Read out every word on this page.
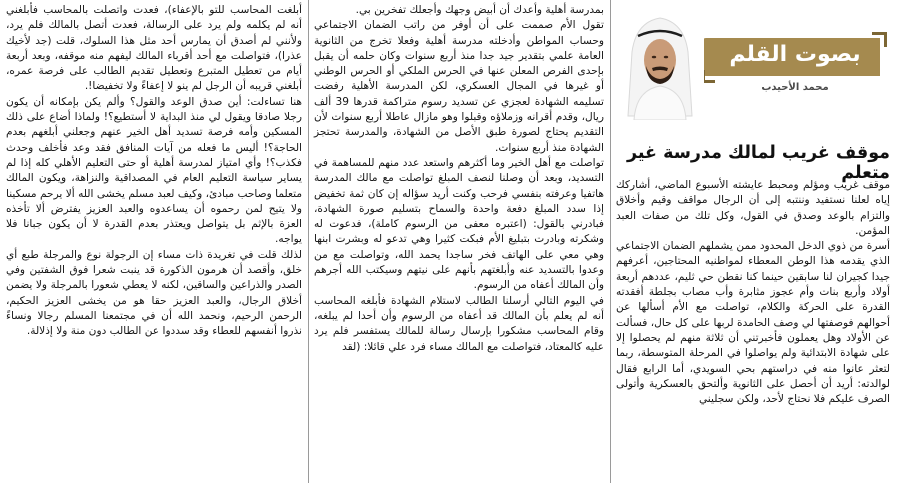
أبلغت المحاسب للتو بالإعفاء)، فعدت واتصلت بالمحاسب فأبلغني أنه لم يكلمه ولم يرد على الرسالة، فعدت أتصل بالمالك فلم يرد، ولأنني لم أصدق أن يمارس أحد مثل هذا السلوك، قلت (جد لأخيك عذرا)، فتواصلت مع أحد أقرباء المالك ليفهم منه موقفه، وبعد أربعة أيام من تعطيل المتبرع وتعطيل تقديم الطالب على فرصة عمره، أبلغني قريبه أن الرجل لم ينو لا إعفاءً ولا تخفيضا!.
هنا تساءلت: أين صدق الوعد والقول؟ وألم يكن بإمكانه أن يكون رجلا صادقا ويقول لي منذ البداية لا أستطيع؟! ولماذا أضاع على ذلك المسكين وأمه فرصة تسديد أهل الخير عنهم وجعلني أبلغهم بعدم الحاجة؟! أليس ما فعله من آيات المنافق فقد وعد فأخلف وحدث فكذب؟! وأي امتياز لمدرسة أهلية أو حتى التعليم الأهلي كله إذا لم يساير سياسة التعليم العام في المصداقية والنزاهة، ويكون المالك متعلما وصاحب مبادئ، وكيف لعبد مسلم يخشى الله ألا يرحم مسكينا ولا يتيح لمن رحموه أن يساعدوه والعبد العزيز يفترض ألا تأخذه العزة بالإثم بل يتواصل ويعتذر بعدم القدرة لا أن يكون جبانا فلا يواجه.
لذلك قلت في تغريدة ذات مساء إن الرجولة نوع والمرجلة طبع أي خلق، وأقصد أن هرمون الذكورة قد ينبت شعرا فوق الشفتين وفي الصدر والذراعين والساقين، لكنه لا يعطي شعورا بالمرجلة ولا يضمن أخلاق الرجال، والعبد العزيز حقا هو من يخشى العزيز الحكيم، الرحمن الرحيم، ونحمد الله أن في مجتمعنا المسلم رجالا ونساءً نذروا أنفسهم للعطاء وقد سددوا عن الطالب دون منة ولا إذلالة.
بمدرسة أهلية وأعدك أن أبيض وجهك وأجعلك تفخرين بي.
تقول الأم صممت على أن أوفر من راتب الضمان الاجتماعي وحساب المواطن وأدخلته مدرسة أهلية وفعلا تخرج من الثانوية العامة علمي بتقدير جيد جدا منذ أربع سنوات وكان حلمه أن يقبل بإحدى الفرص المعلن عنها في الحرس الملكي أو الحرس الوطني أو غيرها في المجال العسكري، لكن المدرسة الأهلية رفضت تسليمه الشهادة لعجزي عن تسديد رسوم متراكمة قدرها 39 ألف ريال، وقدم أقرانه وزملاؤه وقبلوا وهو مازال عاطلا أربع سنوات لأن التقديم يحتاج لصورة طبق الأصل من الشهادة، والمدرسة تحتجز الشهادة منذ أربع سنوات.
تواصلت مع أهل الخير وما أكثرهم واستعد عدد منهم للمساهمة في التسديد، وبعد أن وصلنا لنصف المبلغ تواصلت مع مالك المدرسة هاتفيا وعرفته بنفسي فرحب وكنت أريد سؤاله إن كان ثمة تخفيض إذا سدد المبلغ دفعة واحدة والسماح بتسليم صورة الشهادة، فبادرني بالقول: (اعتبره معفى من الرسوم كاملة)، فدعوت له وشكرته وبادرت بتبليغ الأم فبكت كثيرا وهي تدعو له وبشرت ابنها وهي معي على الهاتف فخر ساجدا يحمد الله، وتواصلت مع من وعدوا بالتسديد عنه وأبلغتهم بأنهم على نيتهم وسيكتب الله أجرهم وأن المالك أعفاه من الرسوم.
في اليوم التالي أرسلنا الطالب لاستلام الشهادة فأبلغه المحاسب أنه لم يعلم بأن المالك قد أعفاه من الرسوم وأن أحدا لم يبلغه، وقام المحاسب مشكورا بإرسال رسالة للمالك يستفسر فلم يرد عليه كالمعتاد، فتواصلت مع المالك مساء فرد علي قائلا: (لقد
بصوت القلم
محمد الأحيدب
موقف غريب لمالك مدرسة غير متعلم
موقف غريب ومؤلم ومحبط عايشته الأسبوع الماضي، أشاركك إياه لعلنا نستفيد وننتبه إلى أن الرجال مواقف وقيم وأخلاق والتزام بالوعد وصدق في القول، وكل تلك من صفات العبد المؤمن.
أسرة من ذوي الدخل المحدود ممن يشملهم الضمان الاجتماعي الذي يقدمه هذا الوطن المعطاء لمواطنيه المحتاجين، أعرفهم جيدا كجيران لنا سابقين حينما كنا نقطن حي ثليم، عددهم أربعة أولاد وأربع بنات وأم عجوز مثابرة وأب مصاب بجلطة أفقدته القدرة على الحركة والكلام، تواصلت مع الأم أسألها عن أحوالهم فوصفتها لي وصف الحامدة لربها على كل حال، فسألت عن الأولاد وهل يعملون فأخبرتني أن ثلاثة منهم لم يحصلوا إلا على شهادة الابتدائية ولم يواصلوا في المرحلة المتوسطة، ربما لتعثر عانوا منه في دراستهم بحي السويدي، أما الرابع فقال لوالدته: أريد أن أحصل على الثانوية وألتحق بالعسكرية وأتولى الصرف عليكم فلا نحتاج لأحد، ولكن سجليني
